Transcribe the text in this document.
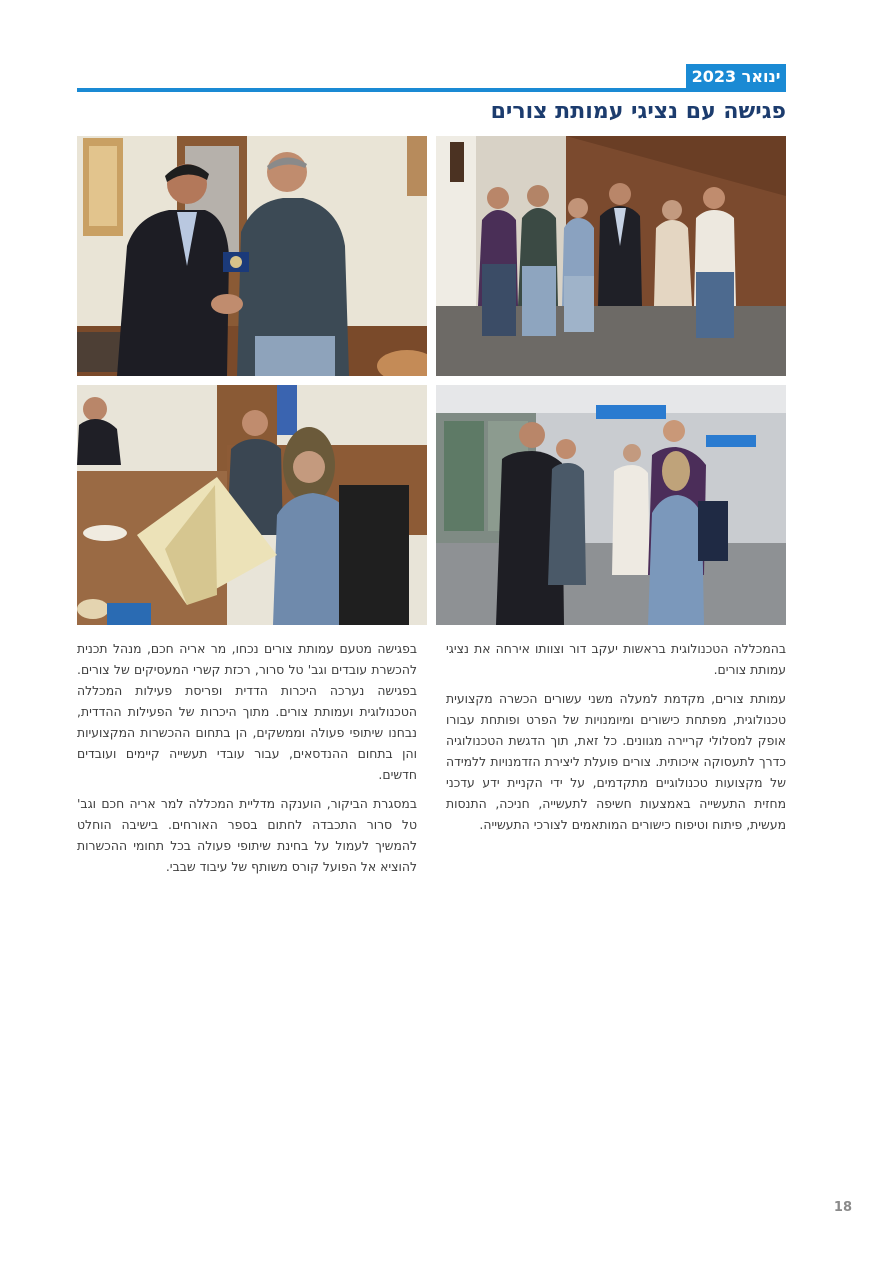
ינואר 2023
פגישה עם נציגי עמותת צורים

בהמכללה הטכנולוגית בראשות יעקב דור וצוותו אירחה את נציגי עמותת צורים.

עמותת צורים, מקדמת למעלה משני עשורים הכשרה מקצועית טכנולוגית, מפתחת כישורים ומיומנויות של הפרט ופותחת עבורו אופק למסלולי קריירה מגוונים. כל זאת, תוך הדגשת הטכנולוגיה כדרך לתעסוקה איכותית. צורים פועלת ליצירת הזדמנויות ללמידה של מקצועות טכנולוגיים מתקדמים, על ידי הקניית ידע עדכני מחזית התעשייה באמצעות חשיפה לתעשייה, חניכה, התנסות מעשית, פיתוח וטיפוח כישורים המותאמים לצורכי התעשייה.

בפגישה מטעם עמותת צורים נכחו, מר אריה חכם, מנהל תכנית להכשרת עובדים וגב' טל סרור, רכזת קשרי המעסיקים של צורים. בפגישה נערכה היכרות הדדית ופריסת פעילות המכללה הטכנולוגית ועמותת צורים. מתוך היכרות של הפעילות ההדדית, נבחנו שיתופי פעולה וממשקים, הן בתחום ההכשרות המקצועיות והן בתחום ההנדסאים, עבור עובדי תעשייה קיימים ועובדים חדשים.

במסגרת הביקור, הוענקה מדליית המכללה למר אריה חכם וגב' טל סרור התכבדה לחתום בספר האורחים. בישיבה הוחלט להמשיך לעמול על בחינת שיתופי פעולה בכל תחומי ההכשרות להוציא אל הפועל קורס משותף של עיבוד שבבי.

18
